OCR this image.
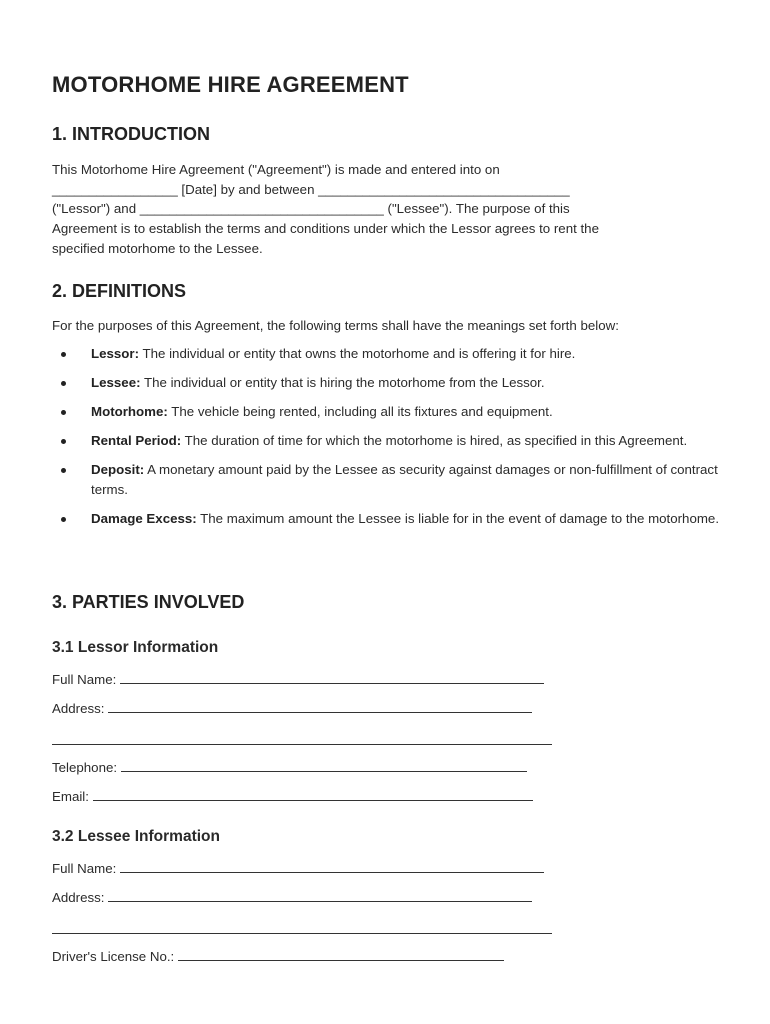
MOTORHOME HIRE AGREEMENT
1. INTRODUCTION
This Motorhome Hire Agreement ("Agreement") is made and entered into on
_________________ [Date] by and between __________________________________
("Lessor") and _________________________________ ("Lessee"). The purpose of this
Agreement is to establish the terms and conditions under which the Lessor agrees to rent the
specified motorhome to the Lessee.
2. DEFINITIONS

For the purposes of this Agreement, the following terms shall have the meanings set forth below:

Lessor: The individual or entity that owns the motorhome and is offering it for hire.
Lessee: The individual or entity that is hiring the motorhome from the Lessor.
Motorhome: The vehicle being rented, including all its fixtures and equipment.
Rental Period: The duration of time for which the motorhome is hired, as specified in this Agreement.
Deposit: A monetary amount paid by the Lessee as security against damages or non-fulfillment of contract terms.
Damage Excess: The maximum amount the Lessee is liable for in the event of damage to the motorhome.
3. PARTIES INVOLVED
3.1 Lessor Information
Full Name:
Address:
Telephone:
Email:
3.2 Lessee Information
Full Name:
Address:
Driver's License No.:
